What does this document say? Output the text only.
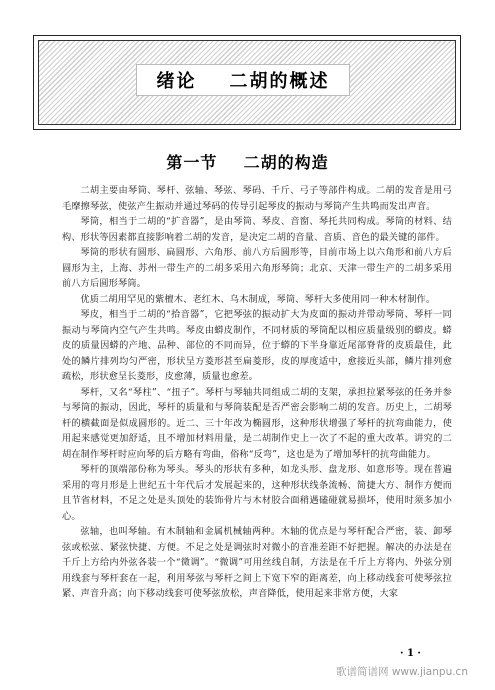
绪论    二胡的概述
第一节    二胡的构造

二胡主要由琴筒、琴杆、弦轴、琴弦、琴码、千斤、弓子等部件构成。二胡的发音是用弓毛摩擦琴弦，使弦产生振动并通过琴码的传导引起琴皮的振动与琴筒产生共鸣而发出声音。

琴筒，相当于二胡的“扩音器”，是由琴筒、琴皮、音窗、琴托共同构成。琴筒的材料、结构、形状等因素都直接影响着二胡的发音，是决定二胡的音量、音质、音色的最关键的部件。

琴筒的形状有圆形、扁圆形、六角形、前八方后圆形等，目前市场上以六角形和前八方后圆形为主，上海、苏州一带生产的二胡多采用六角形琴筒；北京、天津一带生产的二胡多采用前八方后圆形琴筒。

优质二胡用罕见的紫檀木、老红木、乌木制成，琴筒、琴杆大多使用同一种木材制作。

琴皮，相当于二胡的“拾音器”，它把琴弦的振动扩大为皮面的振动并带动琴筒、琴杆一同振动与琴筒内空气产生共鸣。琴皮由蟒皮制作，不同材质的琴筒配以相应质量级别的蟒皮。蟒皮的质量因蟒的产地、品种、部位的不同而异，位于蟒的下半身靠近尾部脊背的皮质最佳，此处的鳞片排列均匀严密，形状呈方菱形甚至扁菱形，皮的厚度适中，愈接近头部，鳞片排列愈疏松，形状愈呈长菱形，皮愈薄，质量也愈差。

琴杆，又名“琴柱”、“扭子”。琴杆与琴轴共同组成二胡的支架，承担拉紧琴弦的任务并参与琴筒的振动，因此，琴杆的质量和与琴筒装配是否严密会影响二胡的发音。历史上，二胡琴杆的横截面是似成圆形的。近二、三十年改为椭圆形，这种形状增强了琴杆的抗弯曲能力，使用起来感觉更加舒适，且不增加材料用量，是二胡制作史上一次了不起的重大改革。讲究的二胡在制作琴杆时应向琴的后方略有弯曲，俗称“反弯”，这也是为了增加琴杆的抗弯曲能力。

琴杆的顶端部份称为琴头。琴头的形状有多种，如龙头形、盘龙形、如意形等。现在普遍采用的弯月形是上世纪五十年代后才发展起来的，这种形状线条流畅、简捷大方、制作方便而且节省材料，不足之处是头顶处的装饰骨片与木材胶合面稍遇磕碰就易损坏，使用时须多加小心。

弦轴，也叫琴轴。有木制轴和金属机械轴两种。木轴的优点是与琴杆配合严密，装、卸琴弦或松弦、紧弦快捷、方便。不足之处是调弦时对微小的音准差距不好把握。解决的办法是在千斤上方给内外弦各装一个“微调”。“微调”可用丝线自制，方法是在千斤上方将内、外弦分别用线套与琴杆套在一起，利用琴弦与琴杆之间上下宽下窄的距离差，向上移动线套可使琴弦拉紧、声音升高；向下移动线套可使琴弦放松，声音降低，使用起来非常方便，大家

· 1 ·
歌谱简谱网 www.jianpu.cn
